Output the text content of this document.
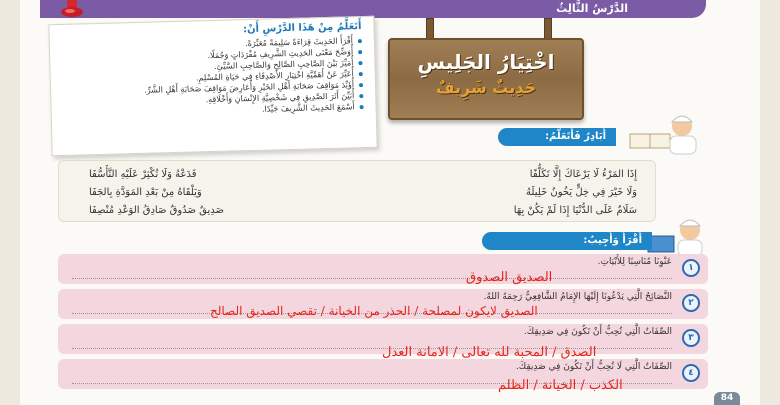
الدَّرْسُ الثَّالِثُ
أَتَعَلَّمُ مِنْ هَذَا الدَّرْسِ أَنْ:
أَقْرَأَ الحَدِيثَ قِرَاءَةً سَلِيمَةً مُعَبِّرَةً.
أُوَضِّحَ مَعْنَى الحَدِيثِ الشَّرِيفِ مُفْرَدَاتٍ وَجُمَلًا.
أُمَيِّزَ بَيْنَ الصَّاحِبِ الصَّالِحِ وَالصَّاحِبِ السَّيِّئِ.
أُعَبِّرَ عَنْ أَهَمِّيَّةِ اخْتِيَارِ الأَصْدِقَاءِ فِي حَيَاةِ المُسْلِمِ.
أُؤَيِّدَ مَوَاقِفَ صَحَابَةِ أَهْلِ الخَيْرِ وَأُعَارِضَ مَوَاقِفَ صَحَابَةِ أَهْلِ الشَّرِّ.
أُبَيِّنَ أَثَرَ الصَّدِيقِ فِي شَخْصِيَّةِ الإِنْسَانِ وَأَخْلَاقِهِ.
أَسْمَعَ الحَدِيثَ الشَّرِيفَ جَيِّدًا.
اخْتِيَارُ الجَلِيسِ
حَدِيثٌ شَرِيفٌ
أَبَادِرُ فَأَتَعَلَّمُ:
إِذَا المَرْءُ لَا يَرْعَاكَ إِلَّا تَكَلُّفًا
وَلَا خَيْرَ فِي خِلٍّ يَخُونُ خَلِيلَهُ
سَلَامٌ عَلَى الدُّنْيَا إِذَا لَمْ يَكُنْ بِهَا
فَدَعْهُ وَلَا تُكْثِرْ عَلَيْهِ التَّأَسُّفَا
وَيَلْقَاهُ مِنْ بَعْدِ المَوَدَّةِ بِالجَفَا
صَدِيقٌ صَدُوقٌ صَادِقُ الوَعْدِ مُنْصِفَا
أَقْرَأُ وَأُجِيبُ:
١
عَنْوِنَا مُنَاسِبًا لِلأَبْيَاتِ.
٢
النَّصَائِحُ الَّتِي يَدْعُونَا إِلَيْهَا الإِمَامُ الشَّافِعِيُّ رَحِمَهُ اللهُ.
٣
الصِّفَاتُ الَّتِي تُحِبُّ أَنْ تَكُونَ فِي صَدِيقِكَ.
٤
الصِّفَاتُ الَّتِي لَا تُحِبُّ أَنْ تَكُونَ فِي صَدِيقِكَ.
الصديق الصدوق
الصديق لايكون لمصلحة / الحذر من الخيانة / تقصي الصديق الصالح
الصدق / المحبة لله تعالى / الامانة العدل
الكذب / الخيانة / الظلم
84
